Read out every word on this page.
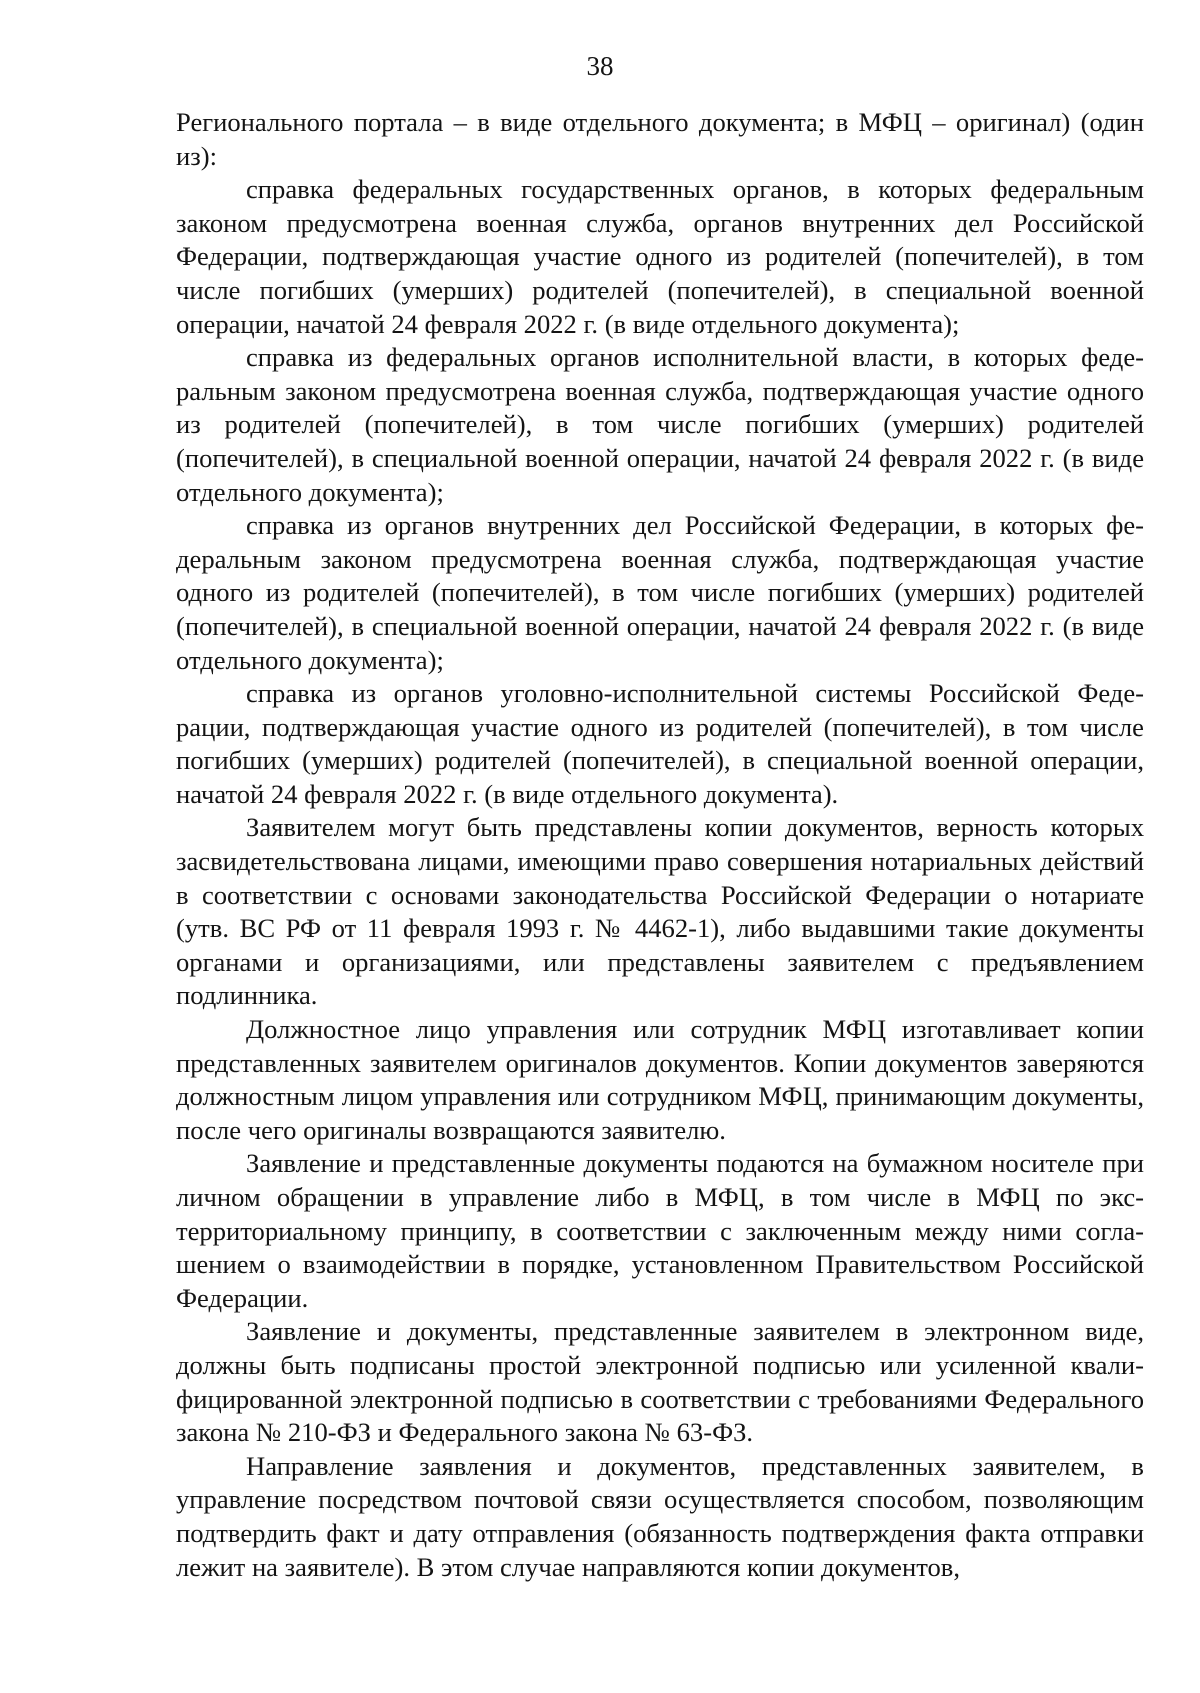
38

Регионального портала – в виде отдельного документа; в МФЦ – оригинал) (один из):

справка федеральных государственных органов, в которых федеральным законом предусмотрена военная служба, органов внутренних дел Российской Федерации, подтверждающая участие одного из родителей (попечителей), в том числе погибших (умерших) родителей (попечителей), в специальной военной операции, начатой 24 февраля 2022 г. (в виде отдельного документа);

справка из федеральных органов исполнительной власти, в которых федеральным законом предусмотрена военная служба, подтверждающая участие одного из родителей (попечителей), в том числе погибших (умерших) родителей (попечителей), в специальной военной операции, начатой 24 февраля 2022 г. (в виде отдельного документа);

справка из органов внутренних дел Российской Федерации, в которых федеральным законом предусмотрена военная служба, подтверждающая участие одного из родителей (попечителей), в том числе погибших (умерших) родителей (попечителей), в специальной военной операции, начатой 24 февраля 2022 г. (в виде отдельного документа);

справка из органов уголовно-исполнительной системы Российской Федерации, подтверждающая участие одного из родителей (попечителей), в том числе погибших (умерших) родителей (попечителей), в специальной военной операции, начатой 24 февраля 2022 г. (в виде отдельного документа).

Заявителем могут быть представлены копии документов, верность которых засвидетельствована лицами, имеющими право совершения нотариальных действий в соответствии с основами законодательства Российской Федерации о нотариате (утв. ВС РФ от 11 февраля 1993 г. № 4462-1), либо выдавшими такие документы органами и организациями, или представлены заявителем с предъявлением подлинника.

Должностное лицо управления или сотрудник МФЦ изготавливает копии представленных заявителем оригиналов документов. Копии документов заверяются должностным лицом управления или сотрудником МФЦ, принимающим документы, после чего оригиналы возвращаются заявителю.

Заявление и представленные документы подаются на бумажном носителе при личном обращении в управление либо в МФЦ, в том числе в МФЦ по экстерриториальному принципу, в соответствии с заключенным между ними соглашением о взаимодействии в порядке, установленном Правительством Российской Федерации.

Заявление и документы, представленные заявителем в электронном виде, должны быть подписаны простой электронной подписью или усиленной квалифицированной электронной подписью в соответствии с требованиями Федерального закона № 210-ФЗ и Федерального закона № 63-ФЗ.

Направление заявления и документов, представленных заявителем, в управление посредством почтовой связи осуществляется способом, позволяющим подтвердить факт и дату отправления (обязанность подтверждения факта отправки лежит на заявителе). В этом случае направляются копии документов,
